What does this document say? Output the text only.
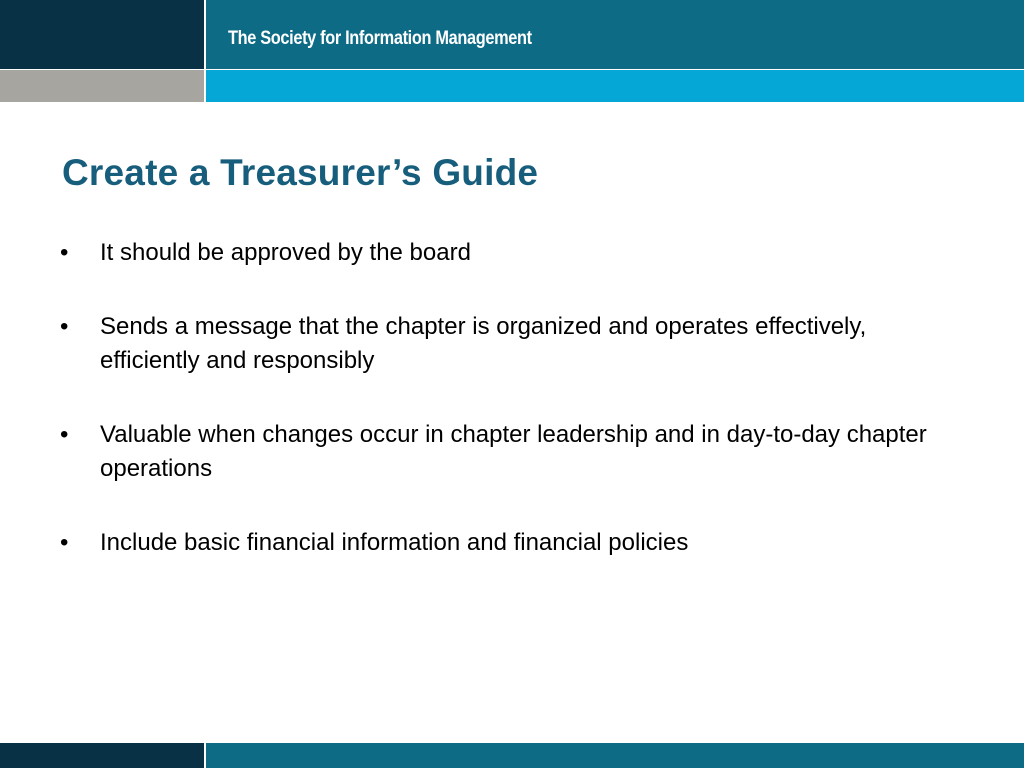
The Society for Information Management
Create a Treasurer’s Guide
•	It should be approved by the board
•	Sends a message that the chapter is organized and operates effectively, efficiently and responsibly
•	Valuable when changes occur in chapter leadership and in day-to-day chapter operations
•	Include basic financial information and financial policies
